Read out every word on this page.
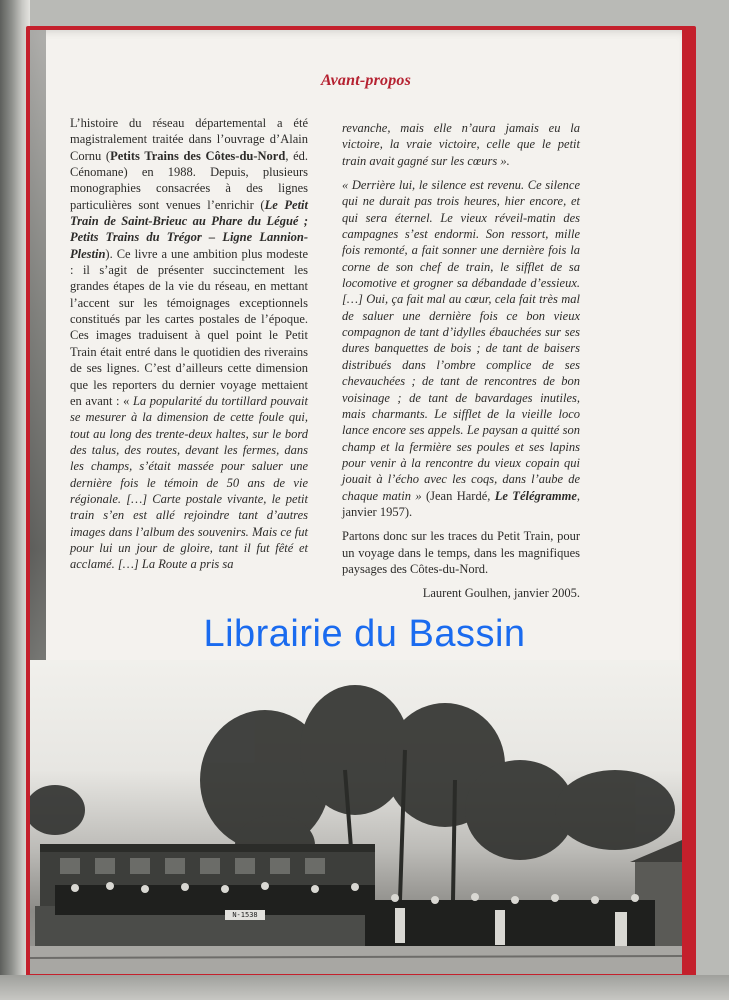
Avant-propos

L’histoire du réseau départemental a été magistralement traitée dans l’ouvrage d’Alain Cornu (Petits Trains des Côtes-du-Nord, éd. Cénomane) en 1988. Depuis, plusieurs monographies consacrées à des lignes particulières sont venues l’enrichir (Le Petit Train de Saint-Brieuc au Phare du Légué ; Petits Trains du Trégor – Ligne Lannion-Plestin). Ce livre a une ambition plus modeste : il s’agit de présenter succinctement les grandes étapes de la vie du réseau, en mettant l’accent sur les témoignages exceptionnels constitués par les cartes postales de l’époque. Ces images traduisent à quel point le Petit Train était entré dans le quotidien des riverains de ses lignes. C’est d’ailleurs cette dimension que les reporters du dernier voyage mettaient en avant : « La popularité du tortillard pouvait se mesurer à la dimension de cette foule qui, tout au long des trente-deux haltes, sur le bord des talus, des routes, devant les fermes, dans les champs, s’était massée pour saluer une dernière fois le témoin de 50 ans de vie régionale. […] Carte postale vivante, le petit train s’en est allé rejoindre tant d’autres images dans l’album des souvenirs. Mais ce fut pour lui un jour de gloire, tant il fut fêté et acclamé. […] La Route a pris sa

revanche, mais elle n’aura jamais eu la victoire, la vraie victoire, celle que le petit train avait gagné sur les cœurs ».

« Derrière lui, le silence est revenu. Ce silence qui ne durait pas trois heures, hier encore, et qui sera éternel. Le vieux réveil-matin des campagnes s’est endormi. Son ressort, mille fois remonté, a fait sonner une dernière fois la corne de son chef de train, le sifflet de sa locomotive et grogner sa débandade d’essieux. […] Oui, ça fait mal au cœur, cela fait très mal de saluer une dernière fois ce bon vieux compagnon de tant d’idylles ébauchées sur ses dures banquettes de bois ; de tant de baisers distribués dans l’ombre complice de ses chevauchées ; de tant de rencontres de bon voisinage ; de tant de bavardages inutiles, mais charmants. Le sifflet de la vieille loco lance encore ses appels. Le paysan a quitté son champ et la fermière ses poules et ses lapins pour venir à la rencontre du vieux copain qui jouait à l’écho avec les coqs, dans l’aube de chaque matin » (Jean Hardé, Le Télégramme, janvier 1957).

Partons donc sur les traces du Petit Train, pour un voyage dans le temps, dans les magnifiques paysages des Côtes-du-Nord.

Laurent Goulhen, janvier 2005.

N-1538
Librairie du Bassin
